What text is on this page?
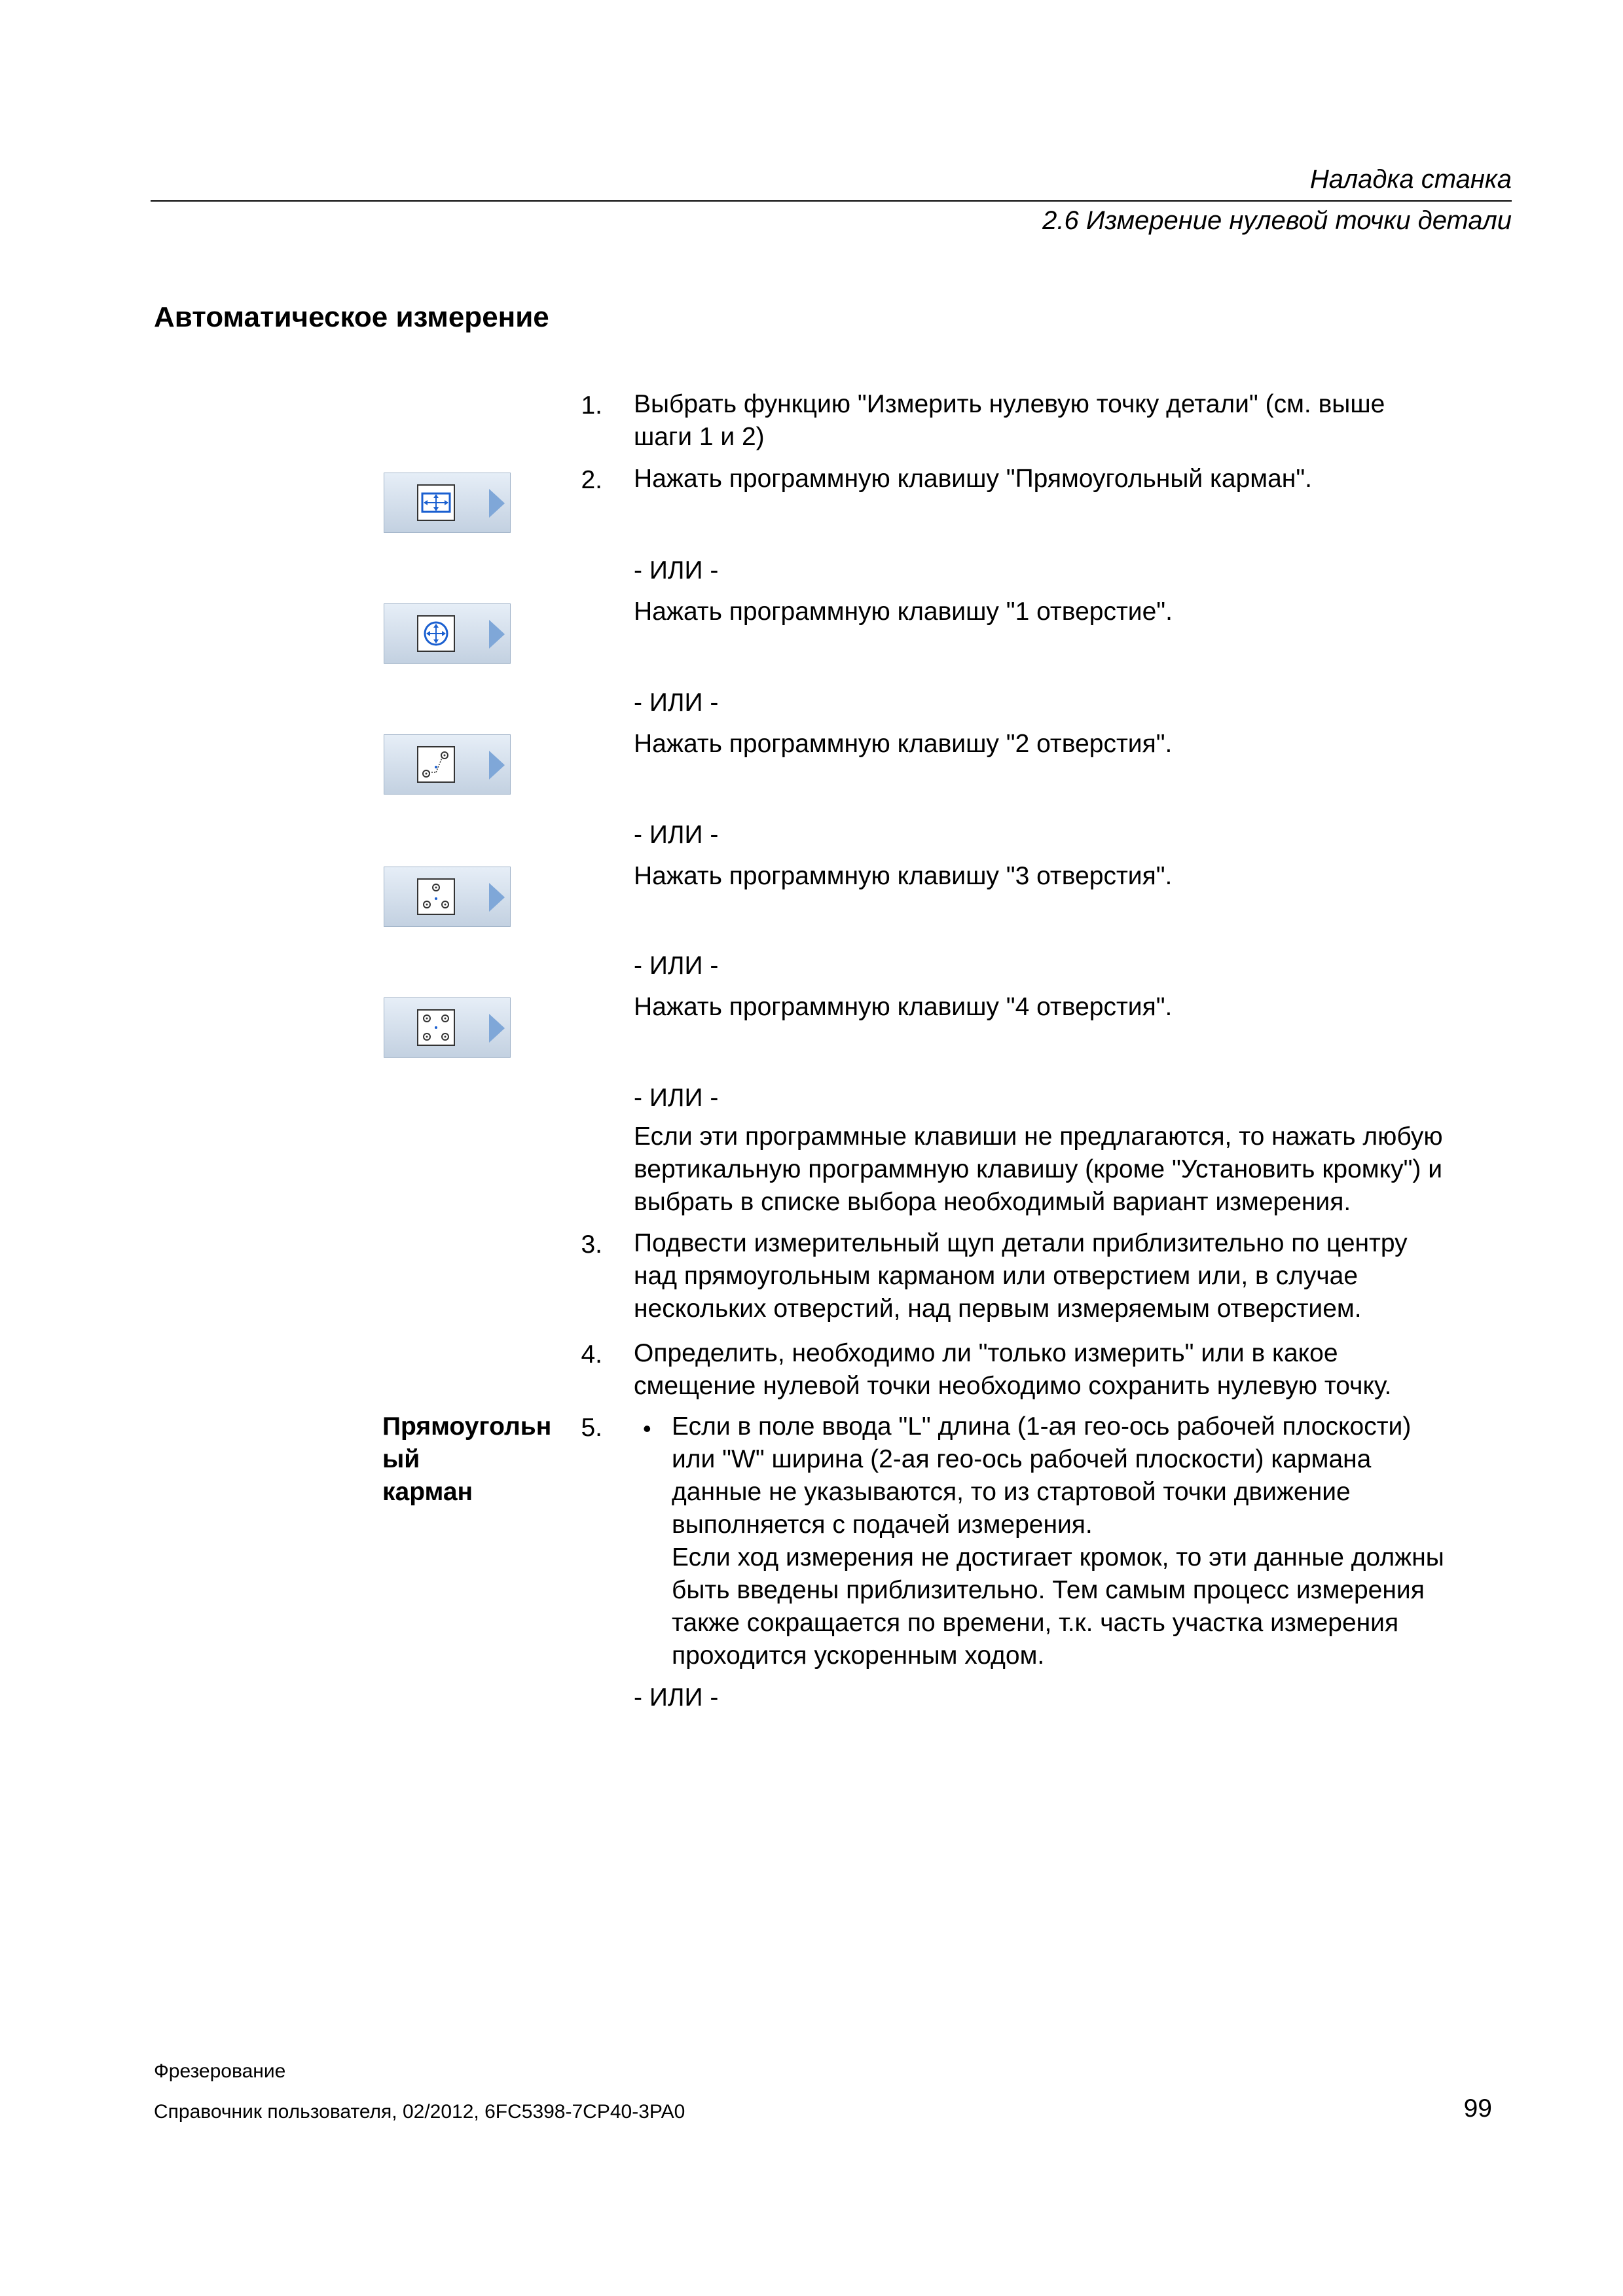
Наладка станка
2.6 Измерение нулевой точки детали
Автоматическое измерение
1. Выбрать функцию "Измерить нулевую точку детали" (см. выше
шаги 1 и 2)
2. Нажать программную клавишу "Прямоугольный карман".
- ИЛИ -
Нажать программную клавишу "1 отверстие".
- ИЛИ -
Нажать программную клавишу "2 отверстия".
- ИЛИ -
Нажать программную клавишу "3 отверстия".
- ИЛИ -
Нажать программную клавишу "4 отверстия".
- ИЛИ -
Если эти программные клавиши не предлагаются, то нажать любую
вертикальную программную клавишу (кроме "Установить кромку") и
выбрать в списке выбора необходимый вариант измерения.
3. Подвести измерительный щуп детали приблизительно по центру
над прямоугольным карманом или отверстием или, в случае
нескольких отверстий, над первым измеряемым отверстием.
4. Определить, необходимо ли "только измерить" или в какое
смещение нулевой точки необходимо сохранить нулевую точку.
Прямоугольн
ый
карман
5. • Если в поле ввода "L" длина (1-ая гео-ось рабочей плоскости)
или "W" ширина (2-ая гео-ось рабочей плоскости) кармана
данные не указываются, то из стартовой точки движение
выполняется с подачей измерения.
Если ход измерения не достигает кромок, то эти данные должны
быть введены приблизительно. Тем самым процесс измерения
также сокращается по времени, т.к. часть участка измерения
проходится ускоренным ходом.
- ИЛИ -
Фрезерование
Справочник пользователя, 02/2012, 6FC5398-7CP40-3PA0	99
